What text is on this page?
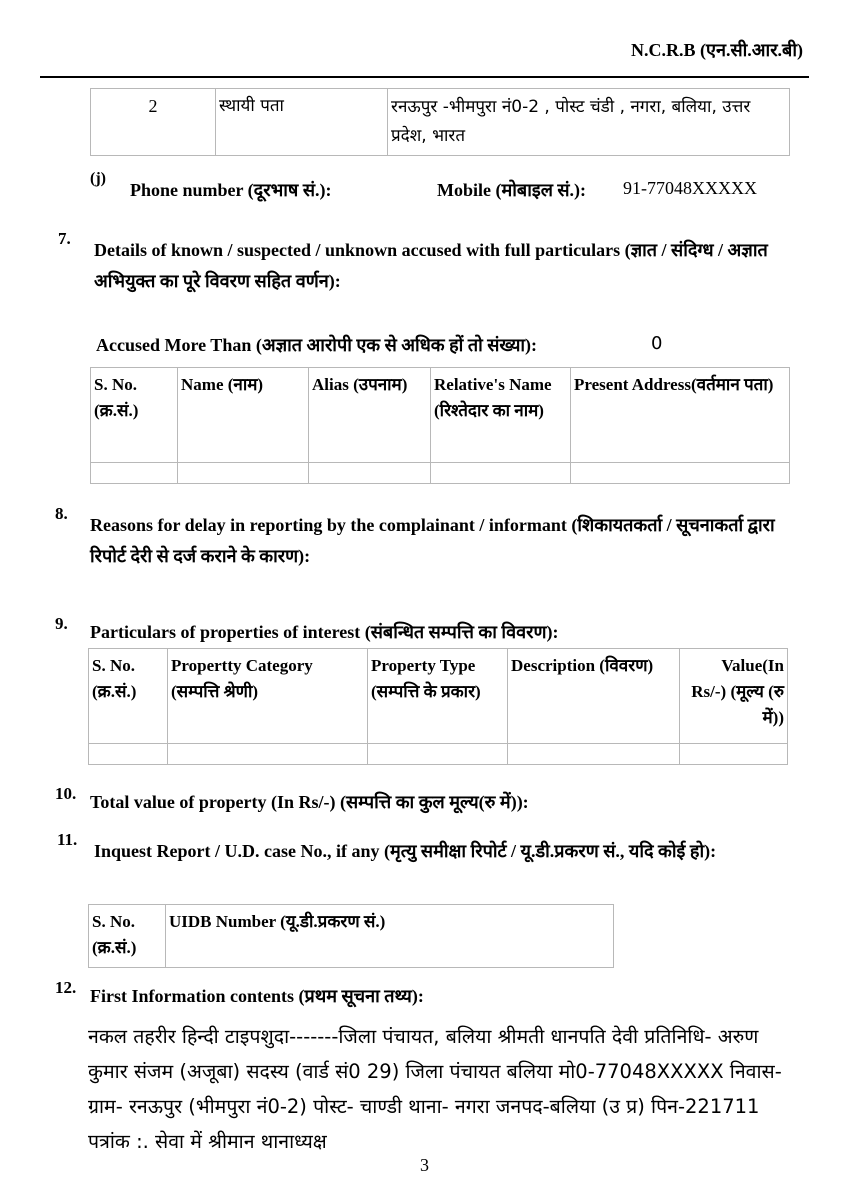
N.C.R.B (एन.सी.आर.बी)
2	स्थायी पता	रनऊपुर -भीमपुरा नं0-2 , पोस्ट चंडी , नगरा, बलिया, उत्तर प्रदेश, भारत
(j)
Phone number (दूरभाष सं.):	Mobile (मोबाइल सं.): 91-77048XXXXX
7.
Details of known / suspected / unknown accused with full particulars (ज्ञात / संदिग्ध / अज्ञात अभियुक्त का पूरे विवरण सहित वर्णन):
Accused More Than (अज्ञात आरोपी एक से अधिक हों तो संख्या):	0
S. No. (क्र.सं.)	Name (नाम)	Alias (उपनाम)	Relative's Name (रिश्तेदार का नाम)	Present Address(वर्तमान पता)

8.
Reasons for delay in reporting by the complainant / informant (शिकायतकर्ता / सूचनाकर्ता द्वारा रिपोर्ट देरी से दर्ज कराने के कारण):
9. Particulars of properties of interest (संबन्धित सम्पत्ति का विवरण):
S. No. (क्र.सं.)	Propertty Category (सम्पत्ति श्रेणी)	Property Type (सम्पत्ति के प्रकार)	Description (विवरण)	Value(In Rs/-) (मूल्य (रु में))

10. Total value of property (In Rs/-) (सम्पत्ति का कुल मूल्य(रु में)):
11.
Inquest Report / U.D. case No., if any (मृत्यु समीक्षा रिपोर्ट / यू.डी.प्रकरण सं., यदि कोई हो):
S. No. (क्र.सं.)	UIDB Number (यू.डी.प्रकरण सं.)
12. First Information contents (प्रथम सूचना तथ्य):
नकल तहरीर हिन्दी टाइपशुदा-------जिला पंचायत, बलिया श्रीमती धानपति देवी प्रतिनिधि- अरुण कुमार संजम (अजूबा) सदस्य (वार्ड सं0 29) जिला पंचायत बलिया मो0-77048XXXXX निवास- ग्राम- रनऊपुर (भीमपुरा नं0-2) पोस्ट- चाण्डी थाना- नगरा जनपद-बलिया (उ प्र) पिन-221711 पत्रांक :. सेवा में श्रीमान थानाध्यक्ष
3
